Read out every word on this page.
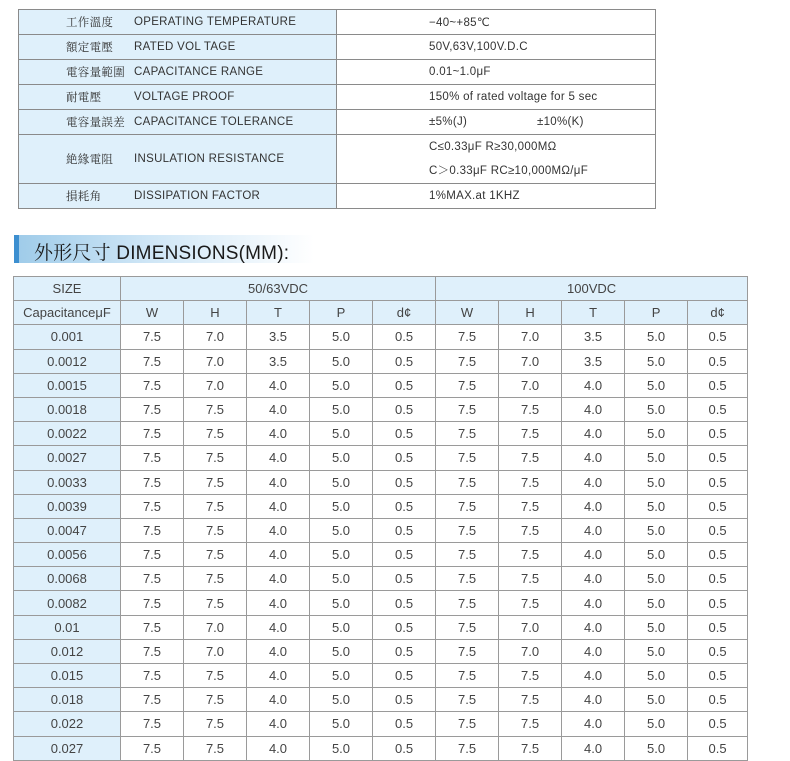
工作溫度 OPERATING TEMPERATURE	−40~+85℃

額定電壓 RATED VOL TAGE	50V,63V,100V.D.C

電容量範圍 CAPACITANCE RANGE	0.01~1.0μF

耐電壓 VOLTAGE PROOF	150% of rated voltage for 5 sec

電容量誤差 CAPACITANCE TOLERANCE	±5%(J) ±10%(K)

絶緣電阻 INSULATION RESISTANCE	C≤0.33μF R≥30,000MΩ
C＞0.33μF RC≥10,000MΩ/μF

損耗角 DISSIPATION FACTOR	1%MAX.at 1KHZ
外形尺寸 DIMENSIONS(MM):
SIZE	50/63VDC					100VDC				
CapacitanceμF	W	H	T	P	d¢	W	H	T	P	d¢
0.001	7.5	7.0	3.5	5.0	0.5	7.5	7.0	3.5	5.0	0.5
0.0012	7.5	7.0	3.5	5.0	0.5	7.5	7.0	3.5	5.0	0.5
0.0015	7.5	7.0	4.0	5.0	0.5	7.5	7.0	4.0	5.0	0.5
0.0018	7.5	7.5	4.0	5.0	0.5	7.5	7.5	4.0	5.0	0.5
0.0022	7.5	7.5	4.0	5.0	0.5	7.5	7.5	4.0	5.0	0.5
0.0027	7.5	7.5	4.0	5.0	0.5	7.5	7.5	4.0	5.0	0.5
0.0033	7.5	7.5	4.0	5.0	0.5	7.5	7.5	4.0	5.0	0.5
0.0039	7.5	7.5	4.0	5.0	0.5	7.5	7.5	4.0	5.0	0.5
0.0047	7.5	7.5	4.0	5.0	0.5	7.5	7.5	4.0	5.0	0.5
0.0056	7.5	7.5	4.0	5.0	0.5	7.5	7.5	4.0	5.0	0.5
0.0068	7.5	7.5	4.0	5.0	0.5	7.5	7.5	4.0	5.0	0.5
0.0082	7.5	7.5	4.0	5.0	0.5	7.5	7.5	4.0	5.0	0.5
0.01	7.5	7.0	4.0	5.0	0.5	7.5	7.0	4.0	5.0	0.5
0.012	7.5	7.0	4.0	5.0	0.5	7.5	7.0	4.0	5.0	0.5
0.015	7.5	7.5	4.0	5.0	0.5	7.5	7.5	4.0	5.0	0.5
0.018	7.5	7.5	4.0	5.0	0.5	7.5	7.5	4.0	5.0	0.5
0.022	7.5	7.5	4.0	5.0	0.5	7.5	7.5	4.0	5.0	0.5
0.027	7.5	7.5	4.0	5.0	0.5	7.5	7.5	4.0	5.0	0.5
